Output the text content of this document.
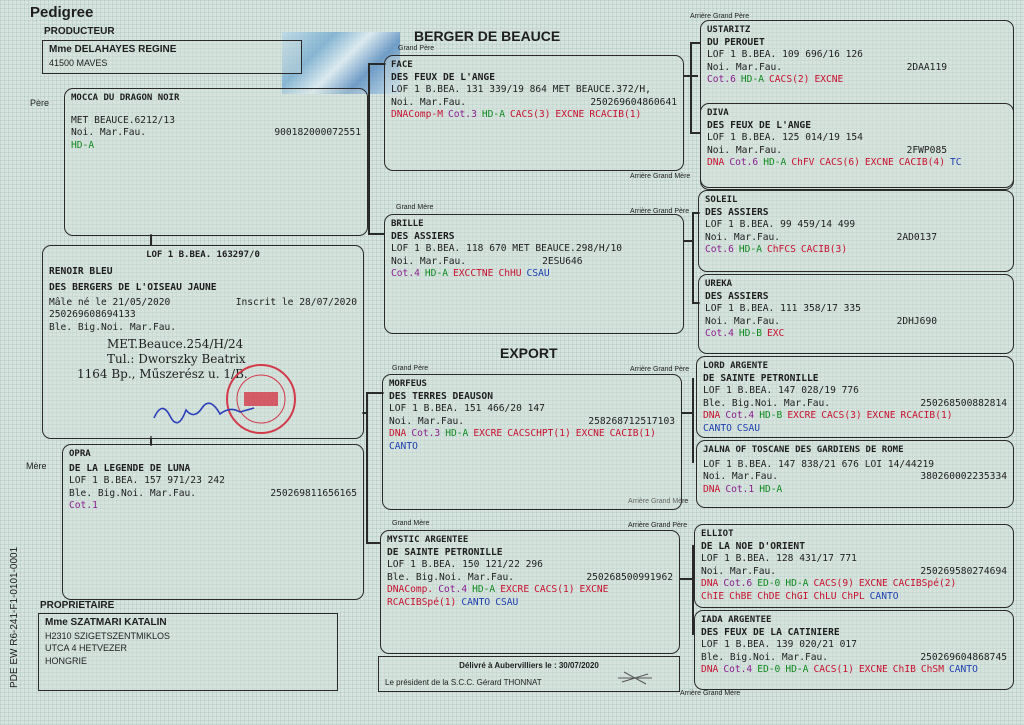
Pedigree
PRODUCTEUR	BERGER DE BEAUCE
EXPORT
PROPRIETAIRE
PDE EW R6-241-F1-0101-0001
Mme DELAHAYES REGINE
41500 MAVES
Mme SZATMARI KATALIN
H2310 SZIGETSZENTMIKLOS
UTCA 4 HETVEZER
HONGRIE
Père
Mère
Grand Père
Grand Mère
Grand Père
Grand Mère
Arrière Grand Père
Arrière Grand Mère
Arrière Grand Père
Arrière Grand Père
Arrière Grand Mère
Arrière Grand Père
Arrière Grand Mère
MOCCA DU DRAGON NOIR
MET BEAUCE.6212/13
Noi. Mar.Fau.	900182000072551
HD-A
LOF 1 B.BEA. 163297/0
RENOIR BLEU
DES BERGERS DE L'OISEAU JAUNE
Mâle né le 21/05/2020	Inscrit le 28/07/2020
250269608694133
Ble. Big.Noi. Mar.Fau.
MET.Beauce.254/H/24
Tul.: Dworszky Beatrix
1164 Bp., Műszerész u. 1/B.
OPRA
DE LA LEGENDE DE LUNA
LOF 1 B.BEA. 157 971/23 242
Ble. Big.Noi. Mar.Fau.	250269811656165
Cot.1
FACE
DES FEUX DE L'ANGE
LOF 1 B.BEA. 131 339/19 864 MET BEAUCE.372/H,
Noi. Mar.Fau.	250269604860641
DNAComp-M Cot.3 HD-A CACS(3) EXCNE RCACIB(1)
BRILLE
DES ASSIERS
LOF 1 B.BEA. 118 670 MET BEAUCE.298/H/10
Noi. Mar.Fau.	2ESU646
Cot.4 HD-A EXCCTNE ChHU CSAU
MORFEUS
DES TERRES DEAUSON
LOF 1 B.BEA. 151 466/20 147
Noi. Mar.Fau.	258268712517103
DNA Cot.3 HD-A EXCRE CACSCHPT(1) EXCNE CACIB(1)
CANTO
MYSTIC ARGENTEE
DE SAINTE PETRONILLE
LOF 1 B.BEA. 150 121/22 296
Ble. Big.Noi. Mar.Fau.	250268500991962
DNAComp. Cot.4 HD-A EXCRE CACS(1) EXCNE
RCACIBSpé(1) CANTO CSAU
Délivré à Aubervilliers le : 30/07/2020
Le président de la S.C.C. Gérard THONNAT
USTARITZ
DU PEROUET
LOF 1 B.BEA. 109 696/16 126
Noi. Mar.Fau.	2DAA119
Cot.6 HD-A CACS(2) EXCNE
DIVA
DES FEUX DE L'ANGE
LOF 1 B.BEA. 125 014/19 154
Noi. Mar.Fau.	2FWP085
DNA Cot.6 HD-A ChFV CACS(6) EXCNE CACIB(4) TC
SOLEIL
DES ASSIERS
LOF 1 B.BEA. 99 459/14 499
Noi. Mar.Fau.	2AD0137
Cot.6 HD-A ChFCS CACIB(3)
UREKA
DES ASSIERS
LOF 1 B.BEA. 111 358/17 335
Noi. Mar.Fau.	2DHJ690
Cot.4 HD-B EXC
LORD ARGENTE
DE SAINTE PETRONILLE
LOF 1 B.BEA. 147 028/19 776
Ble. Big.Noi. Mar.Fau.	250268500882814
DNA Cot.4 HD-B EXCRE CACS(3) EXCNE RCACIB(1)
CANTO CSAU
JALNA OF TOSCANE DES GARDIENS DE ROME
LOF 1 B.BEA. 147 838/21 676 LOI 14/44219
Noi. Mar.Fau.	380260002235334
DNA Cot.1 HD-A
ELLIOT
DE LA NOE D'ORIENT
LOF 1 B.BEA. 128 431/17 771
Noi. Mar.Fau.	250269580274694
DNA Cot.6 ED-0 HD-A CACS(9) EXCNE CACIBSpé(2)
ChIE ChBE ChDE ChGI ChLU ChPL CANTO
IADA ARGENTEE
DES FEUX DE LA CATINIERE
LOF 1 B.BEA. 139 020/21 017
Ble. Big.Noi. Mar.Fau.	250269604868745
DNA Cot.4 ED-0 HD-A CACS(1) EXCNE ChIB ChSM CANTO
